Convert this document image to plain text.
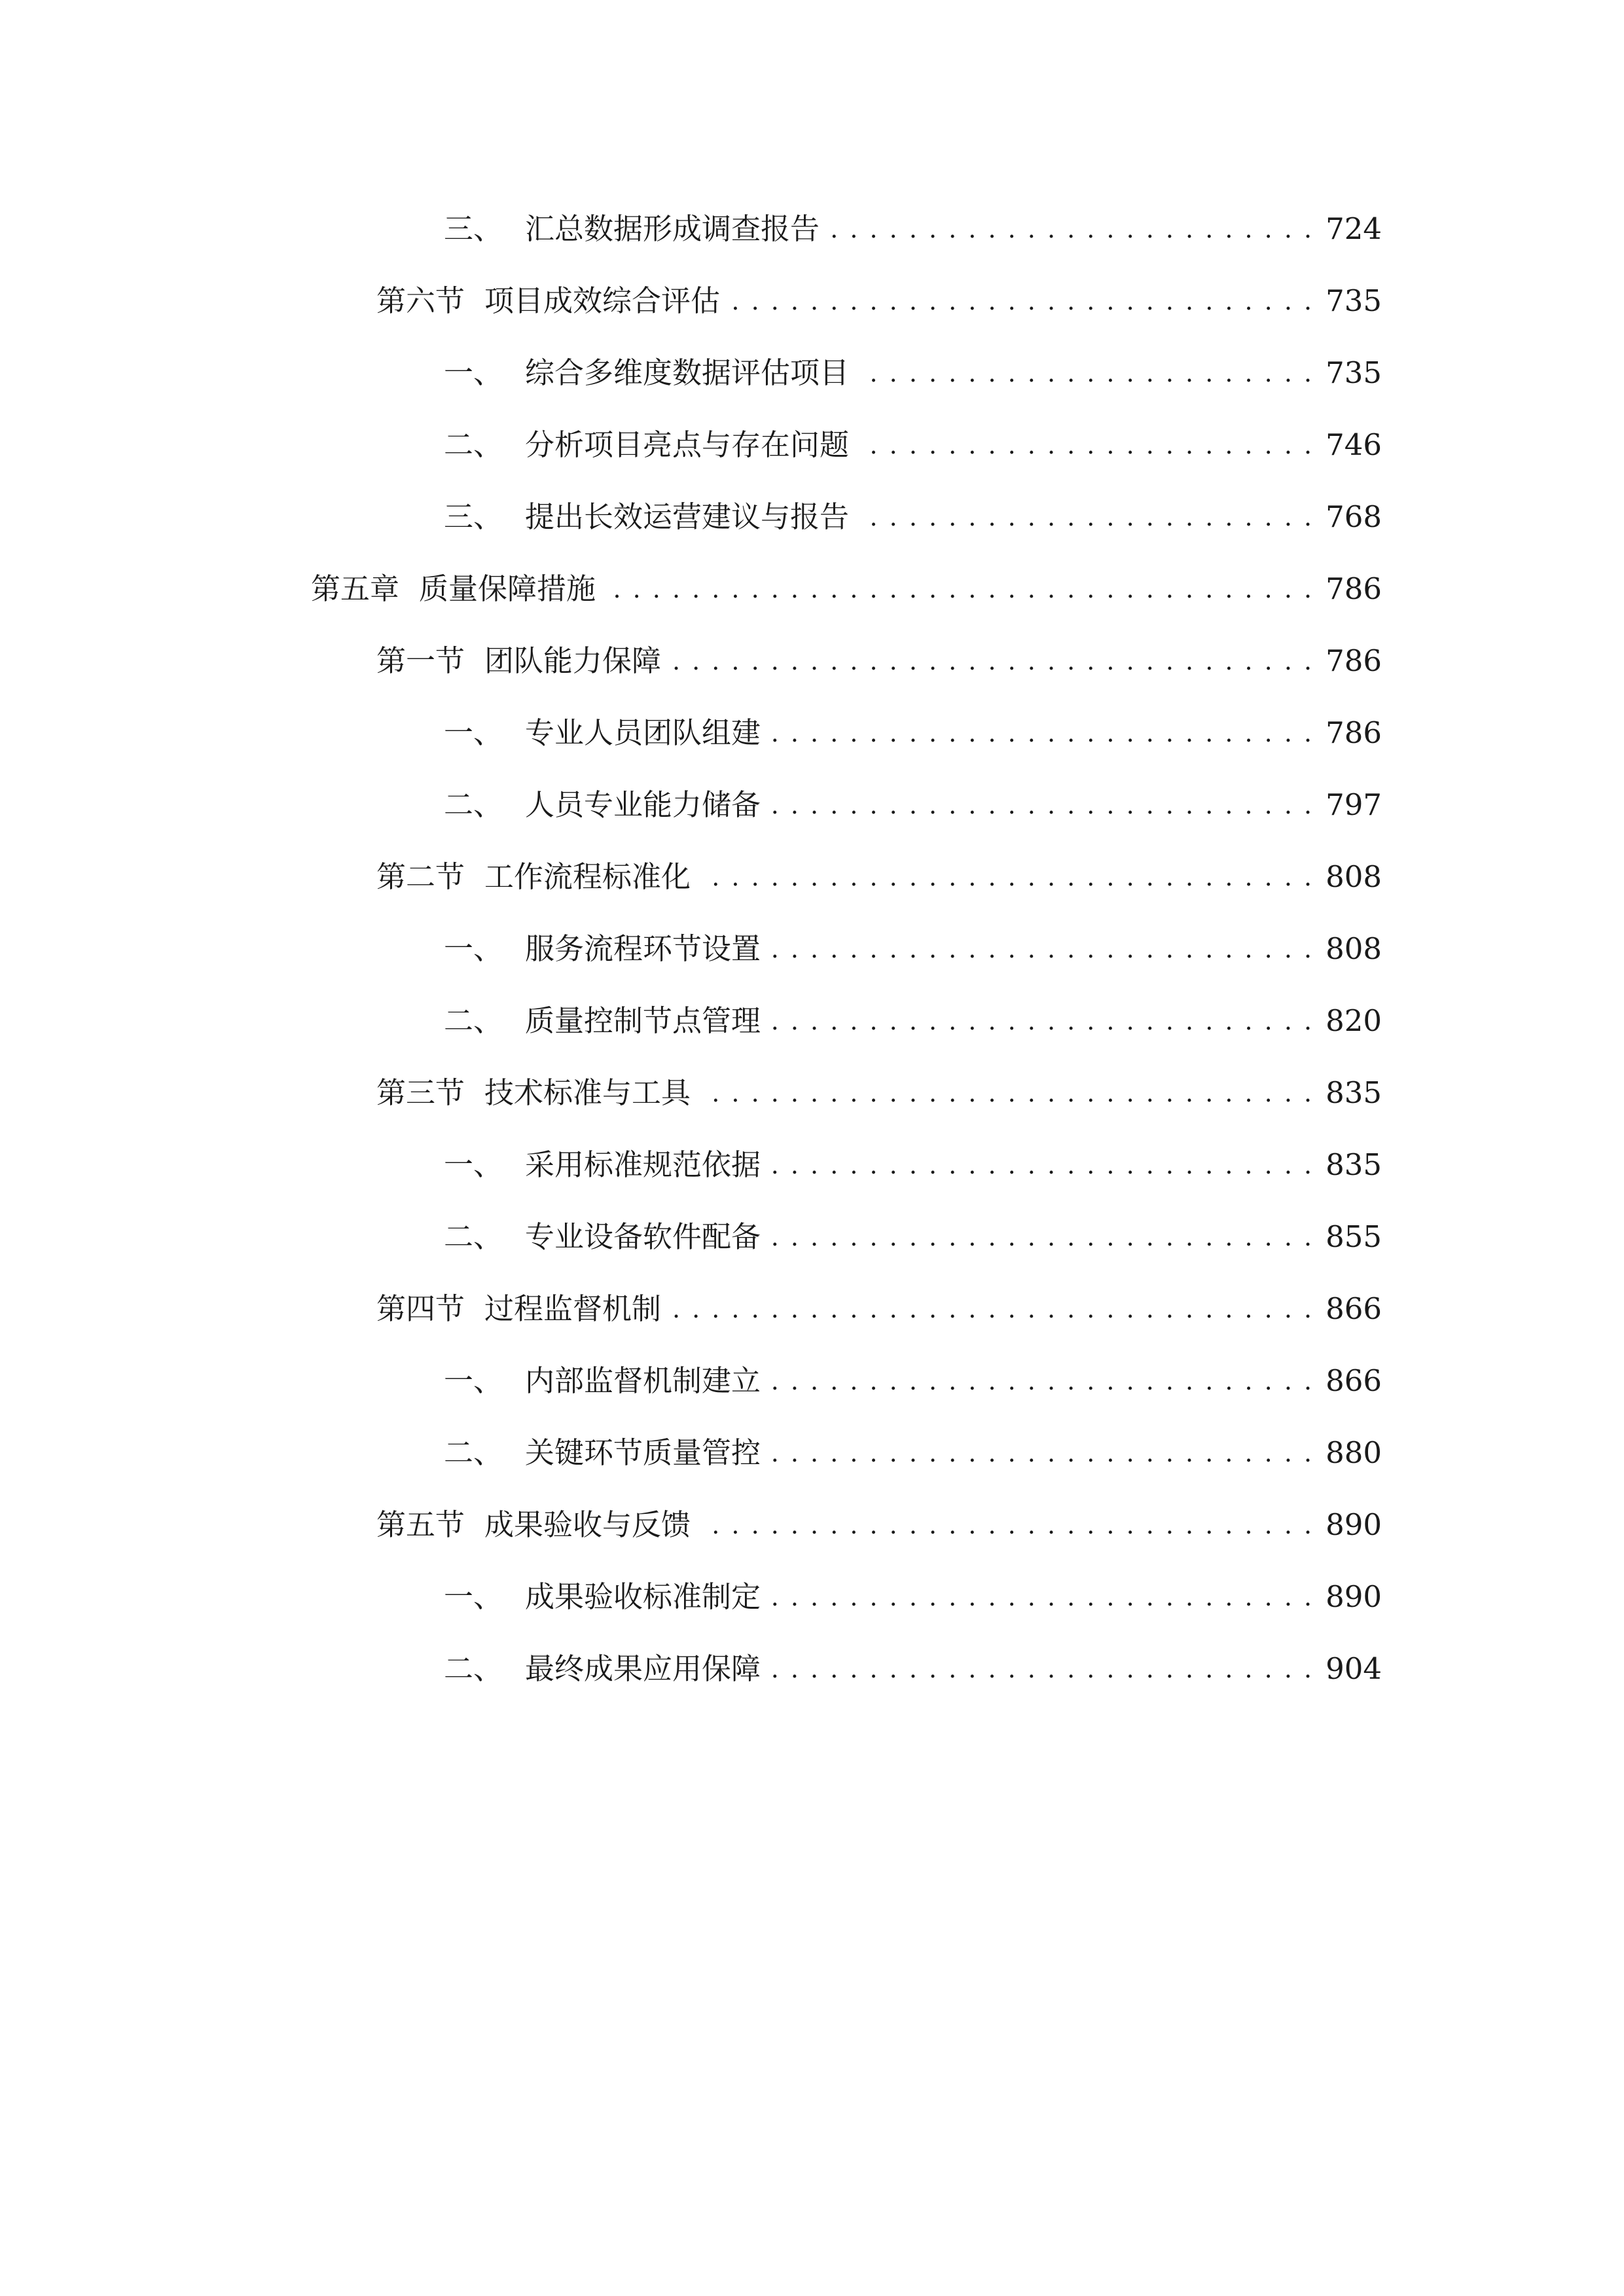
三、 汇总数据形成调查报告 . . .	724
第六节 项目成效综合评估 . . .	735
一、 综合多维度数据评估项目 . . .	735
二、 分析项目亮点与存在问题 . . .	746
三、 提出长效运营建议与报告 . . .	768
第五章 质量保障措施 . . .	786
第一节 团队能力保障 . . .	786
一、 专业人员团队组建 . . .	786
二、 人员专业能力储备 . . .	797
第二节 工作流程标准化 . . .	808
一、 服务流程环节设置 . . .	808
二、 质量控制节点管理 . . .	820
第三节 技术标准与工具 . . .	835
一、 采用标准规范依据 . . .	835
二、 专业设备软件配备 . . .	855
第四节 过程监督机制 . . .	866
一、 内部监督机制建立 . . .	866
二、 关键环节质量管控 . . .	880
第五节 成果验收与反馈 . . .	890
一、 成果验收标准制定 . . .	890
二、 最终成果应用保障 . . .	904
